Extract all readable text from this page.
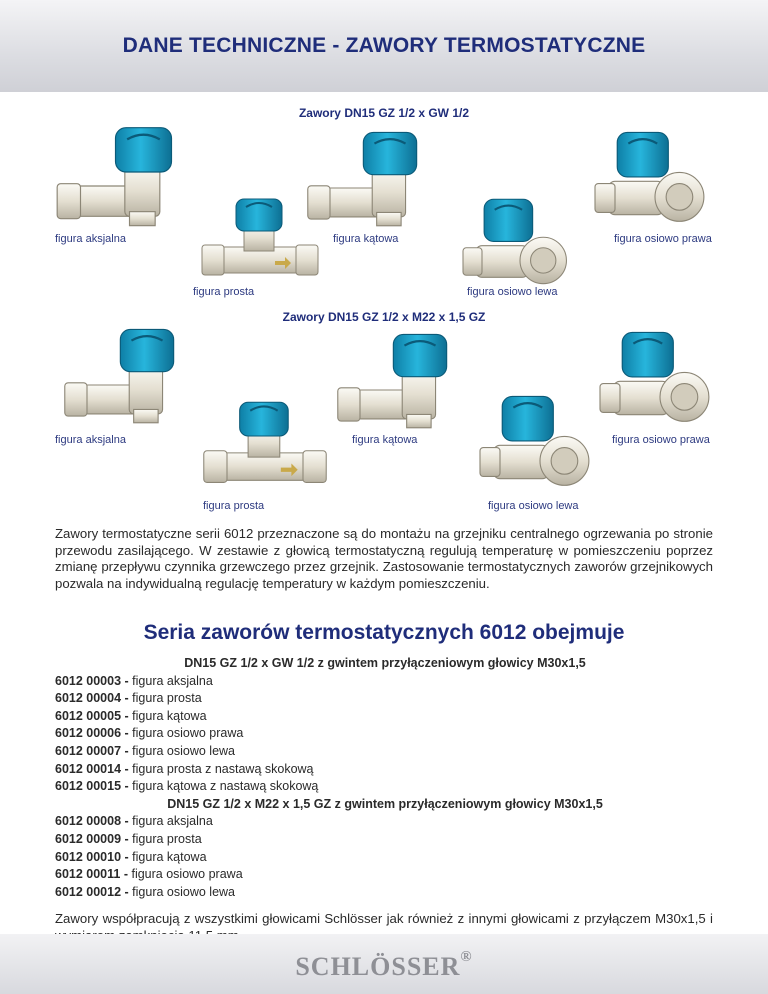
DANE TECHNICZNE - ZAWORY TERMOSTATYCZNE
Zawory DN15 GZ 1/2 x GW 1/2
figura aksjalna	figura kątowa	figura osiowo prawa
figura prosta	figura osiowo lewa
Zawory DN15 GZ 1/2 x M22 x 1,5 GZ
figura aksjalna	figura kątowa	figura osiowo prawa
figura prosta	figura osiowo lewa

Zawory termostatyczne serii 6012 przeznaczone są do montażu na grzejniku centralnego ogrzewania po stronie przewodu zasilającego. W zestawie z głowicą termostatyczną regulują temperaturę w pomieszczeniu poprzez zmianę przepływu czynnika grzewczego przez grzejnik. Zastosowanie termostatycznych zaworów grzejnikowych pozwala na indywidualną regulację temperatury w każdym pomieszczeniu.

Seria zaworów termostatycznych 6012 obejmuje
DN15 GZ 1/2 x GW 1/2 z gwintem przyłączeniowym głowicy M30x1,5
6012 00003 - figura aksjalna
6012 00004 - figura prosta
6012 00005 - figura kątowa
6012 00006 - figura osiowo prawa
6012 00007 - figura osiowo lewa
6012 00014 - figura prosta z nastawą skokową
6012 00015 - figura kątowa z nastawą skokową
DN15 GZ 1/2 x M22 x 1,5 GZ z gwintem przyłączeniowym głowicy M30x1,5
6012 00008 - figura aksjalna
6012 00009 - figura prosta
6012 00010 - figura kątowa
6012 00011 - figura osiowo prawa
6012 00012 - figura osiowo lewa

Zawory współpracują z wszystkimi głowicami Schlösser jak również z innymi głowicami z przyłączem M30x1,5 i

SCHLÖSSER®
